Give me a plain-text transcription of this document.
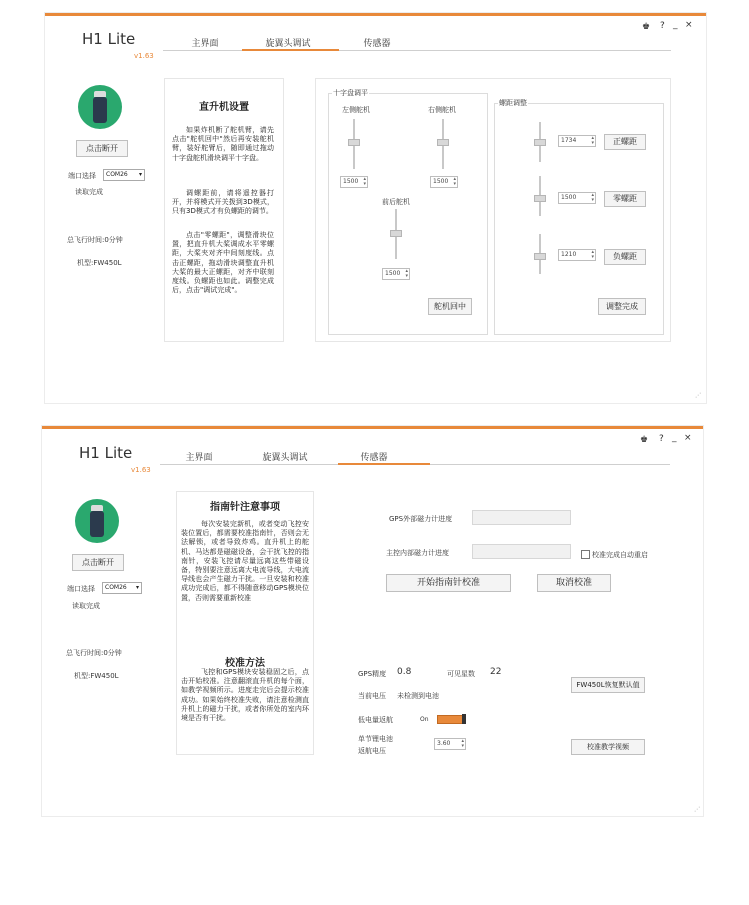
♚ ? _ ×
H1 Lite
v1.63
主界面	旋翼头调试	传感器
点击断开
端口选择	COM26 ▾
读取完成
总飞行时间:0分钟
机型:FW450L
直升机设置
如果炸机断了舵机臂，请先点击"舵机回中"然后再安装舵机臂，装好舵臂后，随即通过拖动十字盘舵机滑块调平十字盘。
调螺距前，请将遥控器打开，并将模式开关拨到3D模式，只有3D模式才有负螺距的调节。
点击"零螺距"，调整滑块位置，把直升机大桨调成水平零螺距，大桨夹对齐中间刻度线。点击正螺距，拖动滑块调整直升机大桨的最大正螺距，对齐中联刻度线。负螺距也如此。调整完成后，点击"调试完成"。
十字盘调平
左侧舵机
1500 ▴
▾
右侧舵机
1500 ▴
▾
前后舵机
1500 ▴
▾
舵机回中
螺距调整
1734	▴
▾	正螺距
1500	▴
▾	零螺距
1210	▴
▾	负螺距
调整完成
⋰
♚ ? _ ×
H1 Lite
v1.63
主界面	旋翼头调试	传感器
点击断开
端口选择	COM26 ▾
读取完成
总飞行时间:0分钟
机型:FW450L
指南针注意事项
每次安装完新机，或者变动飞控安装位置后，都需要校准指南针，否则会无法解锁，或者导致炸鸡。直升机上的舵机、马达都是磁磁设备，会干扰飞控的指南针，安装飞控请尽量远离这些带磁设备，特别要注意远离大电流导线，大电流导线也会产生磁力干扰。一旦安装和校准成功完成后，都不得随意移动GPS模块位置，否则需要重新校准
校准方法
飞控和GPS模块安装稳固之后，点击开始校准。注意翻滚直升机的每个面，如教学视频所示。进度走完后会提示校准成功。如果始终校准失败，请注意检测直升机上的磁力干扰，或者你所处的室内环境是否有干扰。
GPS外部磁力计进度
主控内部磁力计进度	校准完成自动重启
开始指南针校准	取消校准
GPS精度 0.8	可见星数 22
当前电压 未检测到电池
FW450L恢复默认值
低电量返航	On
单节锂电池
返航电压
3.60 ▴
▾	校准教学视频
⋰
